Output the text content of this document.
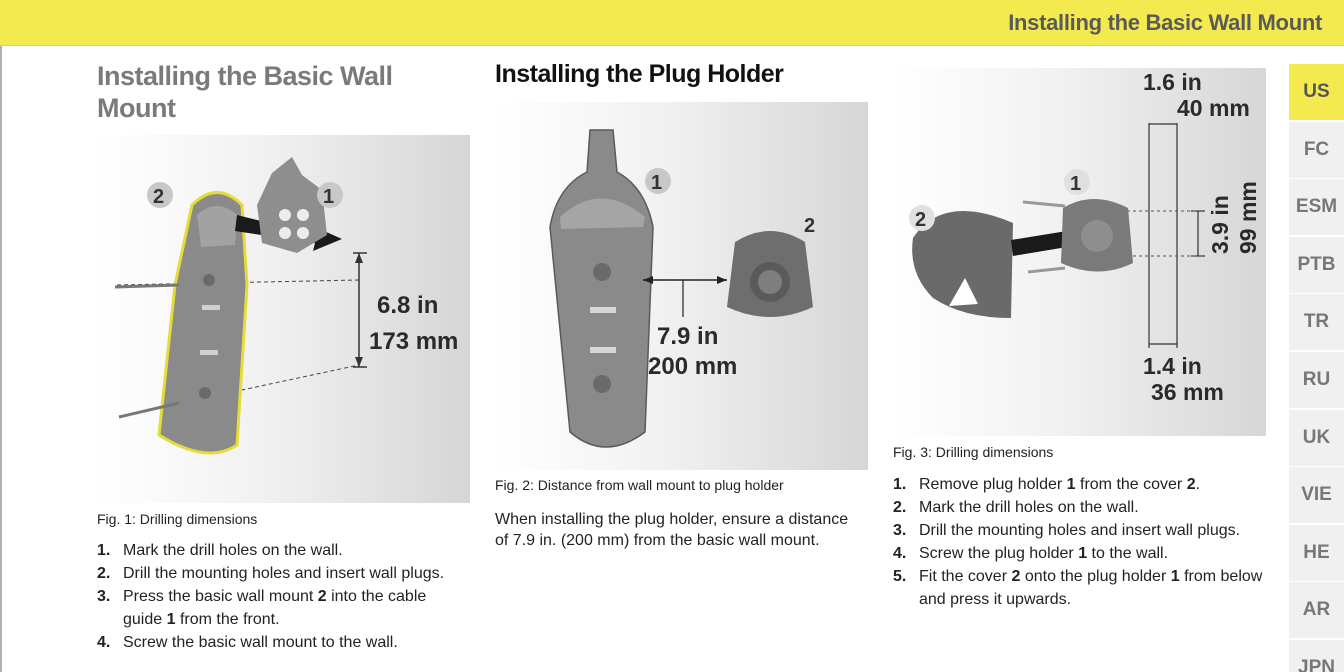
Installing the Basic Wall Mount
Installing the Basic Wall Mount
2	1
6.8 in
173 mm
Fig. 1: Drilling dimensions
1. Mark the drill holes on the wall.
2. Drill the mounting holes and insert wall plugs.
3. Press the basic wall mount 2 into the cable guide 1 from the front.
4. Screw the basic wall mount to the wall.
Installing the Plug Holder
1
2
7.9 in
200 mm
Fig. 2: Distance from wall mount to plug holder
When installing the plug holder, ensure a distance of 7.9 in. (200 mm) from the basic wall mount.
1
2
1.6 in
40 mm
1.4 in
36 mm
3.9 in 99 mm
Fig. 3: Drilling dimensions
1. Remove plug holder 1 from the cover 2.
2. Mark the drill holes on the wall.
3. Drill the mounting holes and insert wall plugs.
4. Screw the plug holder 1 to the wall.
5. Fit the cover 2 onto the plug holder 1 from below and press it upwards.
US
FC
ESM
PTB
TR
RU
UK
VIE
HE
AR
JPN
